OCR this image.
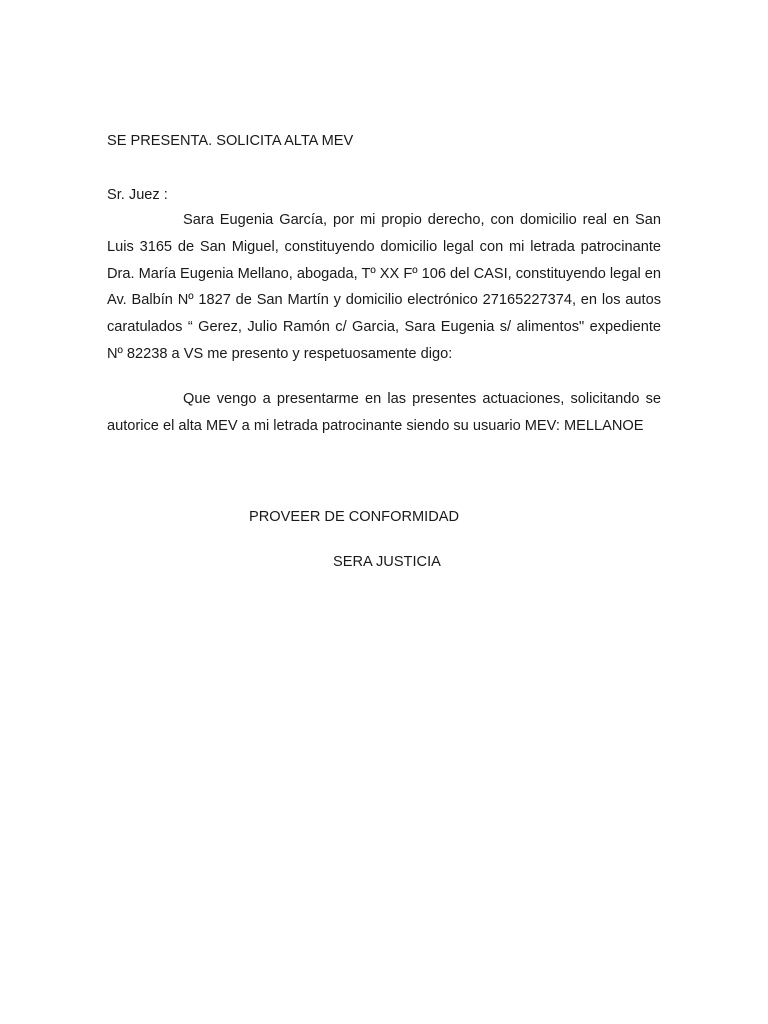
SE PRESENTA. SOLICITA ALTA MEV
Sr. Juez :

Sara Eugenia García, por mi propio derecho, con domicilio real en San Luis 3165 de San Miguel, constituyendo domicilio legal con mi letrada patrocinante Dra. María Eugenia Mellano, abogada, Tº XX Fº 106 del CASI, constituyendo legal en Av. Balbín Nº 1827 de San Martín y domicilio electrónico 27165227374, en los autos caratulados “ Gerez, Julio Ramón c/ Garcia, Sara Eugenia s/ alimentos" expediente Nº 82238 a VS me presento y respetuosamente digo:

Que vengo a presentarme en las presentes actuaciones, solicitando se autorice el alta MEV a mi letrada patrocinante siendo su usuario MEV: MELLANOE

PROVEER DE CONFORMIDAD
SERA JUSTICIA
